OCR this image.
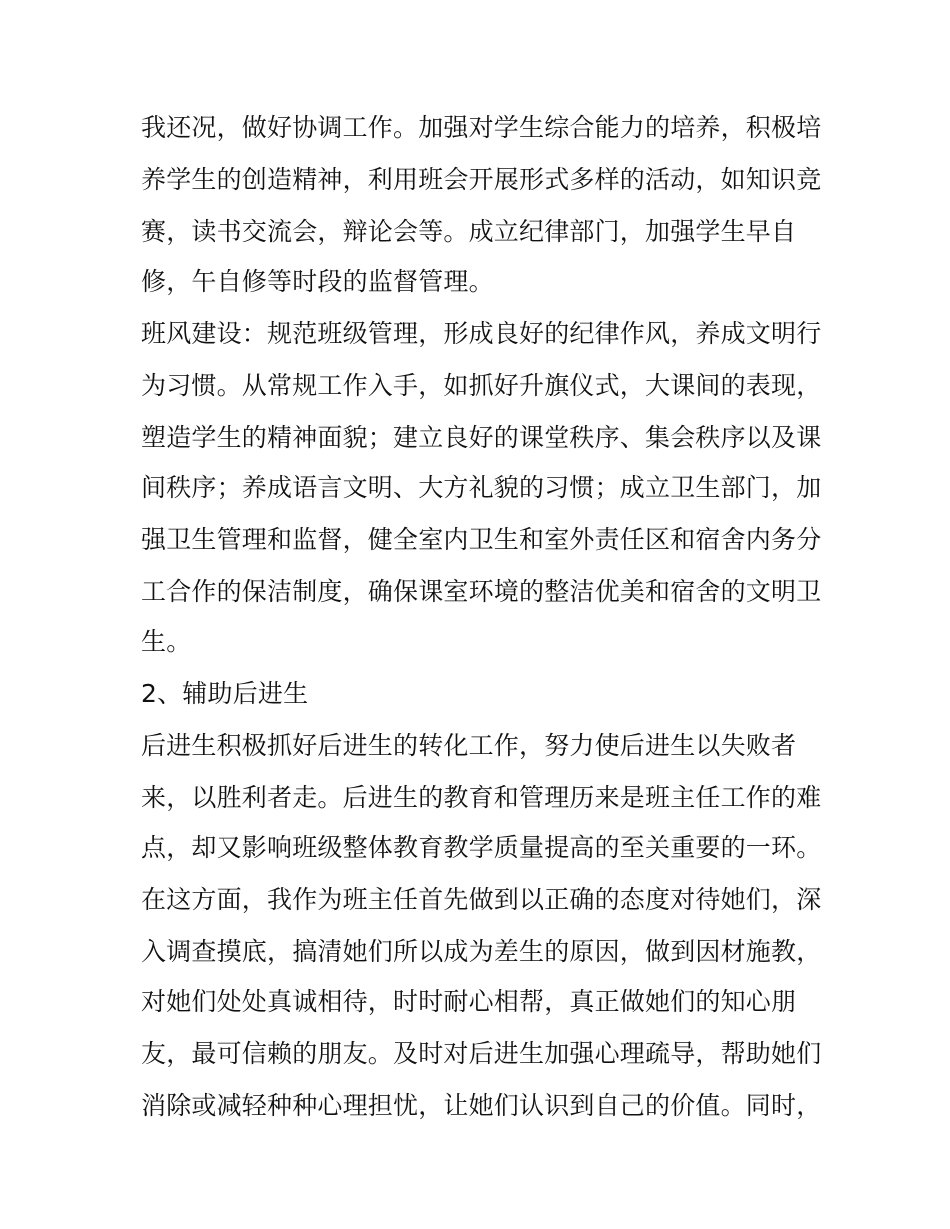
我还况，做好协调工作。加强对学生综合能力的培养，积极培
养学生的创造精神，利用班会开展形式多样的活动，如知识竞
赛，读书交流会，辩论会等。成立纪律部门，加强学生早自
修，午自修等时段的监督管理。
班风建设：规范班级管理，形成良好的纪律作风，养成文明行
为习惯。从常规工作入手，如抓好升旗仪式，大课间的表现，
塑造学生的精神面貌；建立良好的课堂秩序、集会秩序以及课
间秩序；养成语言文明、大方礼貌的习惯；成立卫生部门，加
强卫生管理和监督，健全室内卫生和室外责任区和宿舍内务分
工合作的保洁制度，确保课室环境的整洁优美和宿舍的文明卫
生。
2、辅助后进生
后进生积极抓好后进生的转化工作，努力使后进生以失败者
来，以胜利者走。后进生的教育和管理历来是班主任工作的难
点，却又影响班级整体教育教学质量提高的至关重要的一环。
在这方面，我作为班主任首先做到以正确的态度对待她们，深
入调查摸底，搞清她们所以成为差生的原因，做到因材施教，
对她们处处真诚相待，时时耐心相帮，真正做她们的知心朋
友，最可信赖的朋友。及时对后进生加强心理疏导，帮助她们
消除或减轻种种心理担忧，让她们认识到自己的价值。同时，
